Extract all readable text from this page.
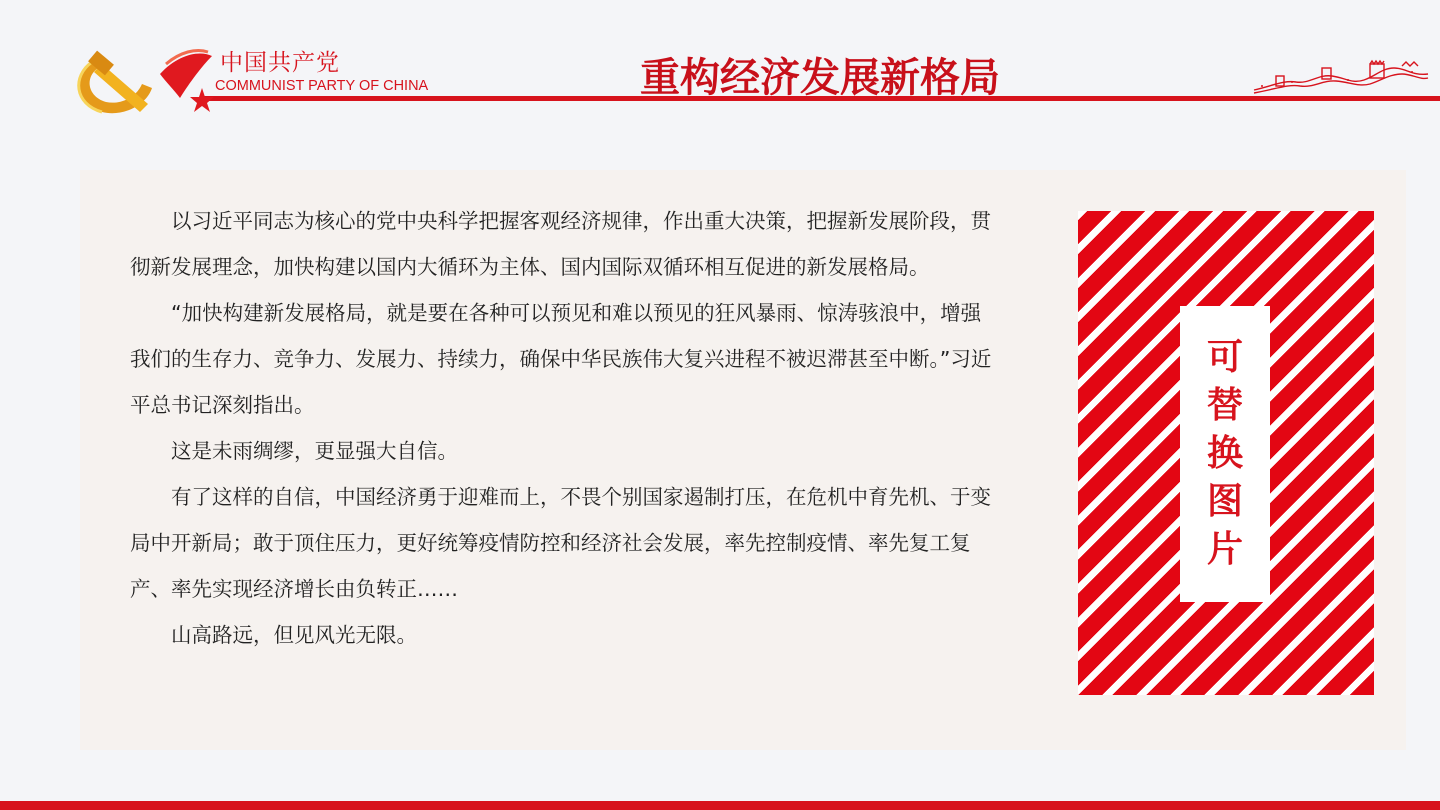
中国共产党
COMMUNIST PARTY OF CHINA	重构经济发展新格局

以习近平同志为核心的党中央科学把握客观经济规律，作出重大决策，把握新发展阶段，贯彻新发展理念，加快构建以国内大循环为主体、国内国际双循环相互促进的新发展格局。

“加快构建新发展格局，就是要在各种可以预见和难以预见的狂风暴雨、惊涛骇浪中，增强我们的生存力、竞争力、发展力、持续力，确保中华民族伟大复兴进程不被迟滞甚至中断。”习近平总书记深刻指出。

这是未雨绸缪，更显强大自信。

有了这样的自信，中国经济勇于迎难而上，不畏个别国家遏制打压，在危机中育先机、于变局中开新局；敢于顶住压力，更好统筹疫情防控和经济社会发展，率先控制疫情、率先复工复产、率先实现经济增长由负转正……

山高路远，但见风光无限。

可替换图片
